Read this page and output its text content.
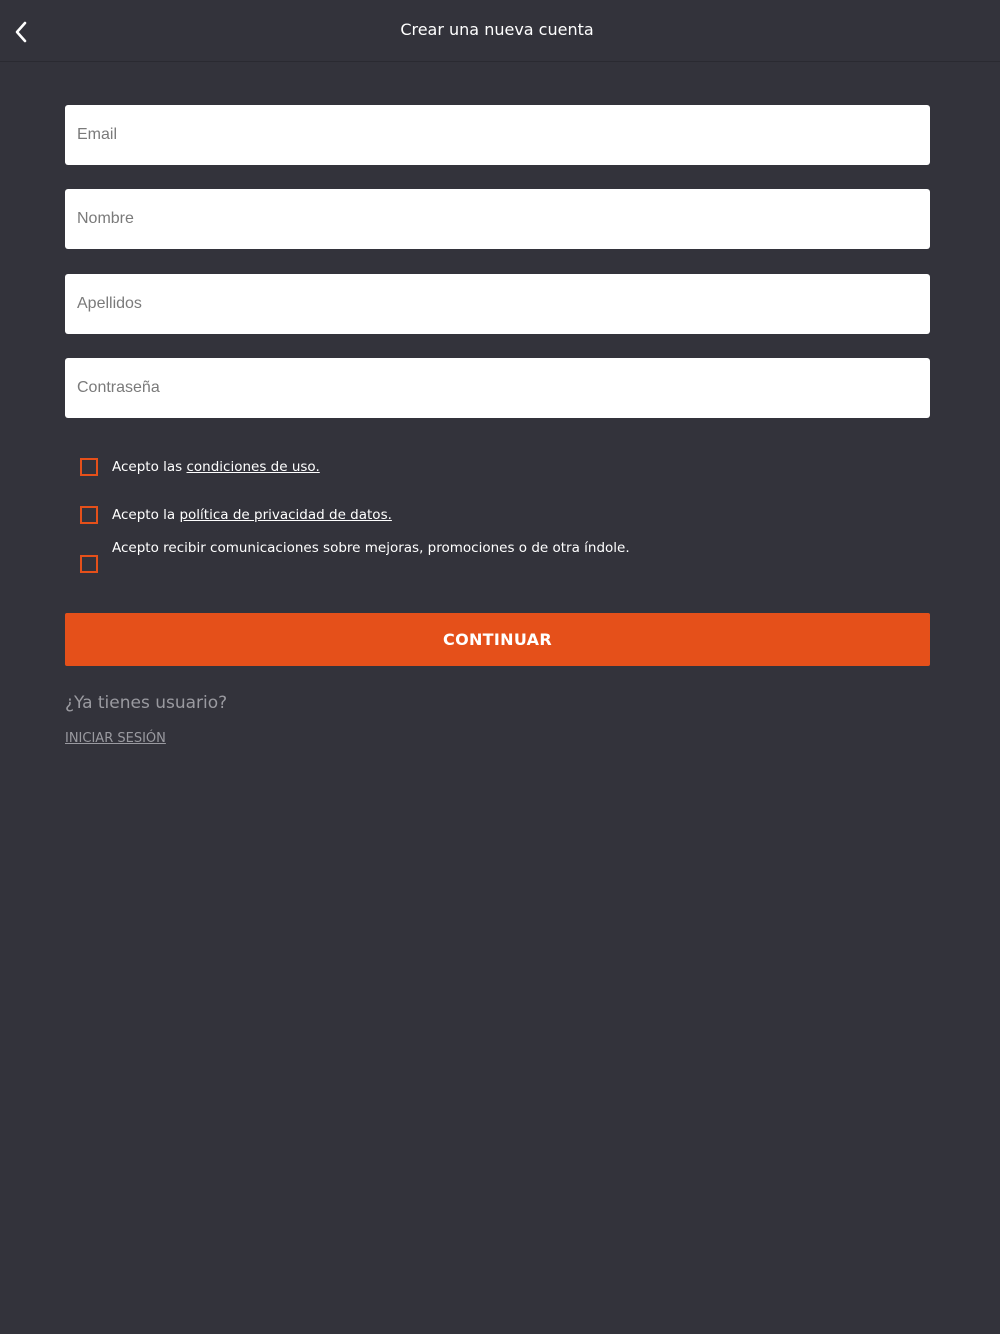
Crear una nueva cuenta
Email
Nombre
Apellidos
Acepto las condiciones de uso.
Acepto la política de privacidad de datos.
Acepto recibir comunicaciones sobre mejoras, promociones o de otra índole.
CONTINUAR
¿Ya tienes usuario?
INICIAR SESIÓN
